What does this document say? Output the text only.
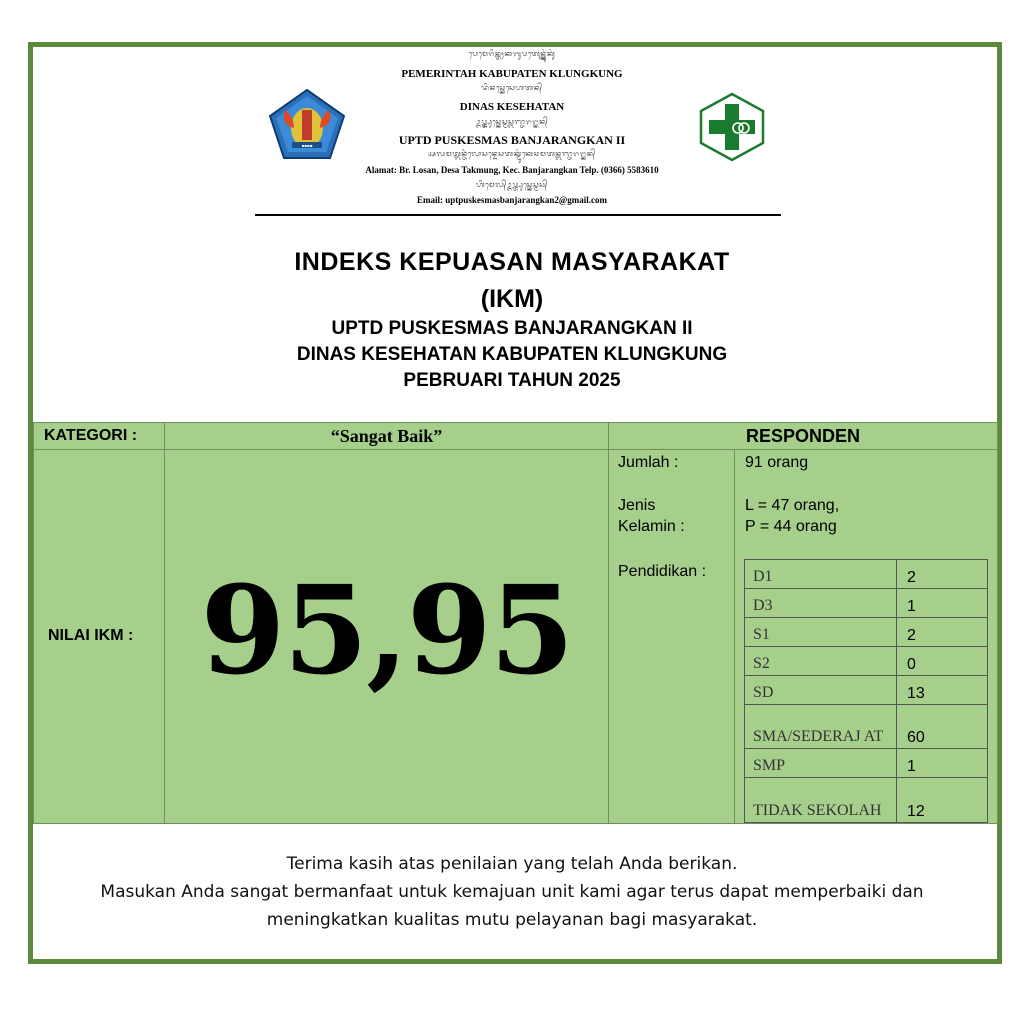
▪▪▪▪
ᬧᬾᬫᬾᬭᬶᬦ᭄ᬢᬄᬓᬩᬸᬧᬢᬾᬦ᭄ᬓ᭄ᬮᬸᬂᬓᬸᬂ
PEMERINTAH KABUPATEN KLUNGKUNG
ᬤᬶᬦᬲ᭄ᬓᬾᬲᬾᬳᬢᬦ᭄
DINAS KESEHATAN
ᬉᬧ᭄ᬢ᭄ᬤ᭄ᬧᬸᬲ᭄ᬓᬾᬲ᭄ᬫᬲ᭄ᬩᬜ᭄ᬚᬭᬗ᭄ᬓᬦ᭄
UPTD PUSKESMAS BANJARANGKAN II
ᬅᬮᬫᬢ᭄ᬩᬦ᭄ᬚᬃᬮᭀᬲᬦ᭄ᬤᬾᬲᬢᬓ᭄ᬫᬸᬂᬓᬾᬘᬫᬢᬦ᭄ᬩᬜ᭄ᬚᬭᬗ᭄ᬓᬦ᭄
Alamat: Br. Losan, Desa Takmung, Kec. Banjarangkan Telp. (0366) 5583610
ᬳᬶᬫᬾᬮ᭄ᬉᬧ᭄ᬢ᭄ᬧᬸᬲ᭄ᬓᬾᬲ᭄ᬫᬲ᭄
Email: uptpuskesmasbanjarangkan2@gmail.com
INDEKS KEPUASAN MASYARAKAT
(IKM)
UPTD PUSKESMAS BANJARANGKAN II
DINAS KESEHATAN KABUPATEN KLUNGKUNG
PEBRUARI TAHUN 2025
KATEGORI :	“Sangat Baik”	RESPONDEN
NILAI IKM : 95,95
Jumlah :	91 orang
Jenis
Kelamin :
L = 47 orang,
P = 44 orang
Pendidikan :	D1	2
D3	1
S1	2
S2	0
SD	13
SMA/SEDERAJ AT	60
SMP	1
TIDAK SEKOLAH	12
Terima kasih atas penilaian yang telah Anda berikan.
Masukan Anda sangat bermanfaat untuk kemajuan unit kami agar terus dapat memperbaiki dan
meningkatkan kualitas mutu pelayanan bagi masyarakat.
